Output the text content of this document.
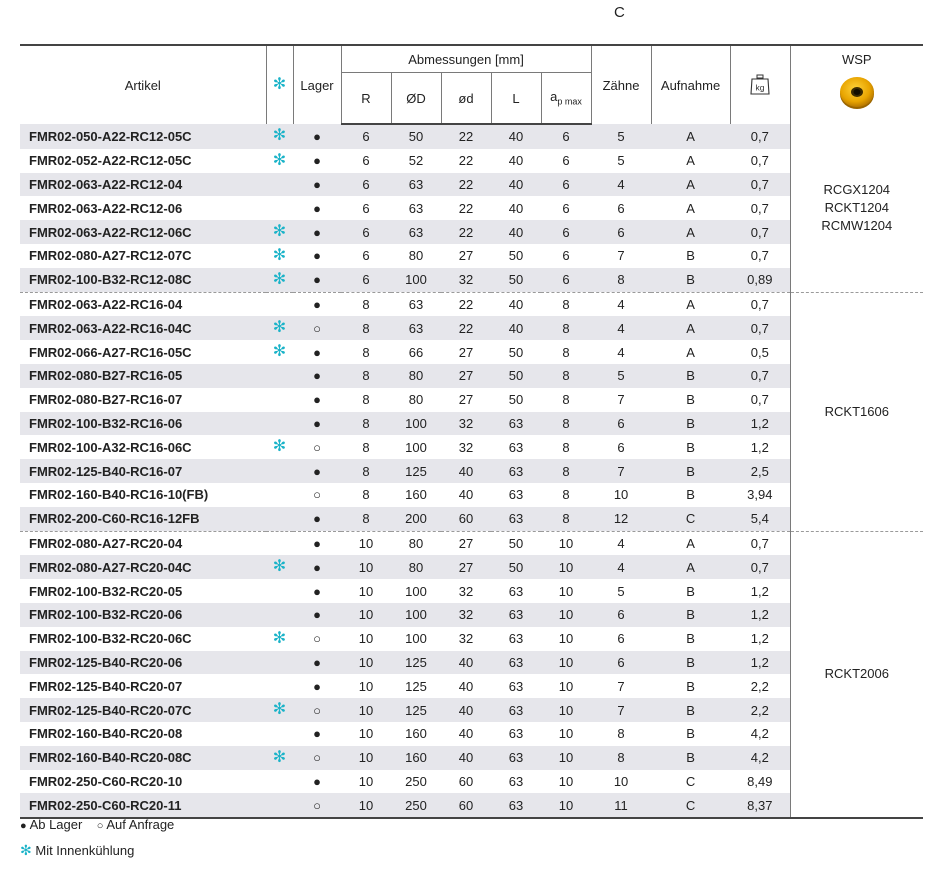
C
Artikel	✻	Lager	Abmessungen [mm]					Zähne	Aufnahme	kg	WSP

			R	ØD	ød	L	$a_{p max}$
FMR02-050-A22-RC12-05C	✻	●	6	50	22	40	6	5	A	0,7	RCGX1204
RCKT1204
RCMW1204

FMR02-052-A22-RC12-05C	✻	●	6	52	22	40	6	5	A	0,7	
FMR02-063-A22-RC12-04		●	6	63	22	40	6	4	A	0,7	
FMR02-063-A22-RC12-06		●	6	63	22	40	6	6	A	0,7	
FMR02-063-A22-RC12-06C	✻	●	6	63	22	40	6	6	A	0,7	
FMR02-080-A27-RC12-07C	✻	●	6	80	27	50	6	7	B	0,7	
FMR02-100-B32-RC12-08C	✻	●	6	100	32	50	6	8	B	0,89	
FMR02-063-A22-RC16-04		●	8	63	22	40	8	4	A	0,7	RCKT1606

FMR02-063-A22-RC16-04C	✻	○	8	63	22	40	8	4	A	0,7	
FMR02-066-A27-RC16-05C	✻	●	8	66	27	50	8	4	A	0,5	
FMR02-080-B27-RC16-05		●	8	80	27	50	8	5	B	0,7	
FMR02-080-B27-RC16-07		●	8	80	27	50	8	7	B	0,7	
FMR02-100-B32-RC16-06		●	8	100	32	63	8	6	B	1,2	
FMR02-100-A32-RC16-06C	✻	○	8	100	32	63	8	6	B	1,2	
FMR02-125-B40-RC16-07		●	8	125	40	63	8	7	B	2,5	
FMR02-160-B40-RC16-10(FB)		○	8	160	40	63	8	10	B	3,94	
FMR02-200-C60-RC16-12FB		●	8	200	60	63	8	12	C	5,4	
FMR02-080-A27-RC20-04		●	10	80	27	50	10	4	A	0,7	RCKT2006

FMR02-080-A27-RC20-04C	✻	●	10	80	27	50	10	4	A	0,7	
FMR02-100-B32-RC20-05		●	10	100	32	63	10	5	B	1,2	
FMR02-100-B32-RC20-06		●	10	100	32	63	10	6	B	1,2	
FMR02-100-B32-RC20-06C	✻	○	10	100	32	63	10	6	B	1,2	
FMR02-125-B40-RC20-06		●	10	125	40	63	10	6	B	1,2	
FMR02-125-B40-RC20-07		●	10	125	40	63	10	7	B	2,2	
FMR02-125-B40-RC20-07C	✻	○	10	125	40	63	10	7	B	2,2	
FMR02-160-B40-RC20-08		●	10	160	40	63	10	8	B	4,2	
FMR02-160-B40-RC20-08C	✻	○	10	160	40	63	10	8	B	4,2	
FMR02-250-C60-RC20-10		●	10	250	60	63	10	10	C	8,49	
FMR02-250-C60-RC20-11		○	10	250	60	63	10	11	C	8,37	
● Ab Lager ○ Auf Anfrage
✻ Mit Innenkühlung
